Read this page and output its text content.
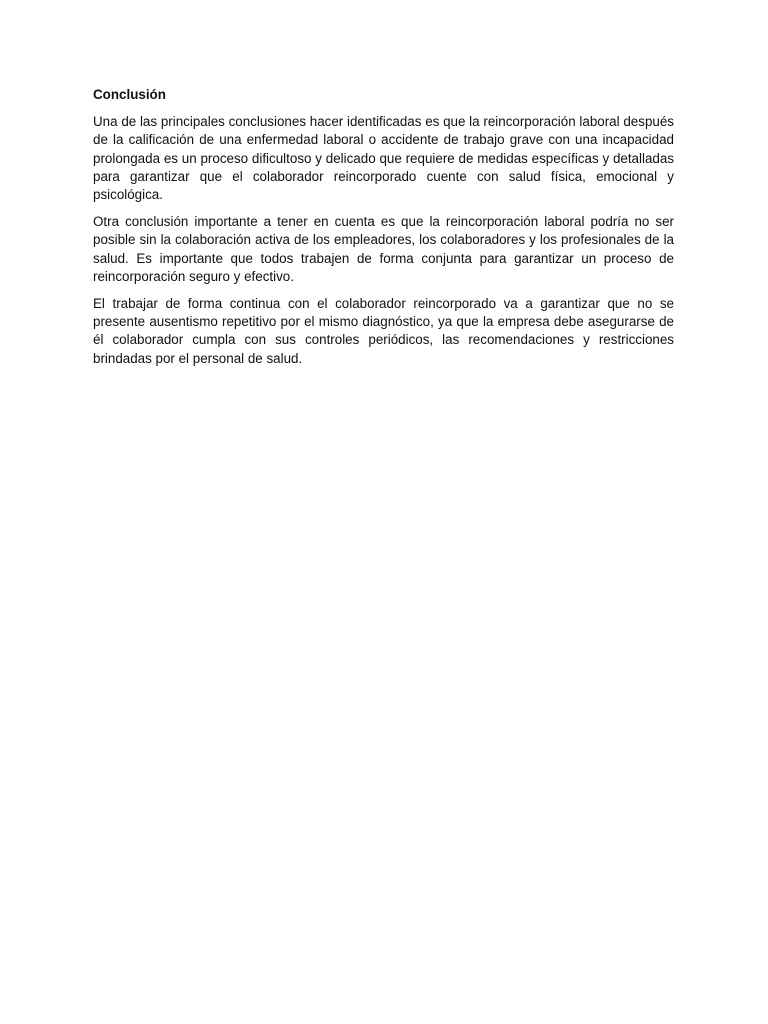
Conclusión

Una de las principales conclusiones hacer identificadas es que la reincorporación laboral después de la calificación de una enfermedad laboral o accidente de trabajo grave con una incapacidad prolongada es un proceso dificultoso y delicado que requiere de medidas específicas y detalladas para garantizar que el colaborador reincorporado cuente con salud física, emocional y psicológica.

Otra conclusión importante a tener en cuenta es que la reincorporación laboral podría no ser posible sin la colaboración activa de los empleadores, los colaboradores y los profesionales de la salud. Es importante que todos trabajen de forma conjunta para garantizar un proceso de reincorporación seguro y efectivo.

El trabajar de forma continua con el colaborador reincorporado va a garantizar que no se presente ausentismo repetitivo por el mismo diagnóstico, ya que la empresa debe asegurarse de él colaborador cumpla con sus controles periódicos, las recomendaciones y restricciones brindadas por el personal de salud.
